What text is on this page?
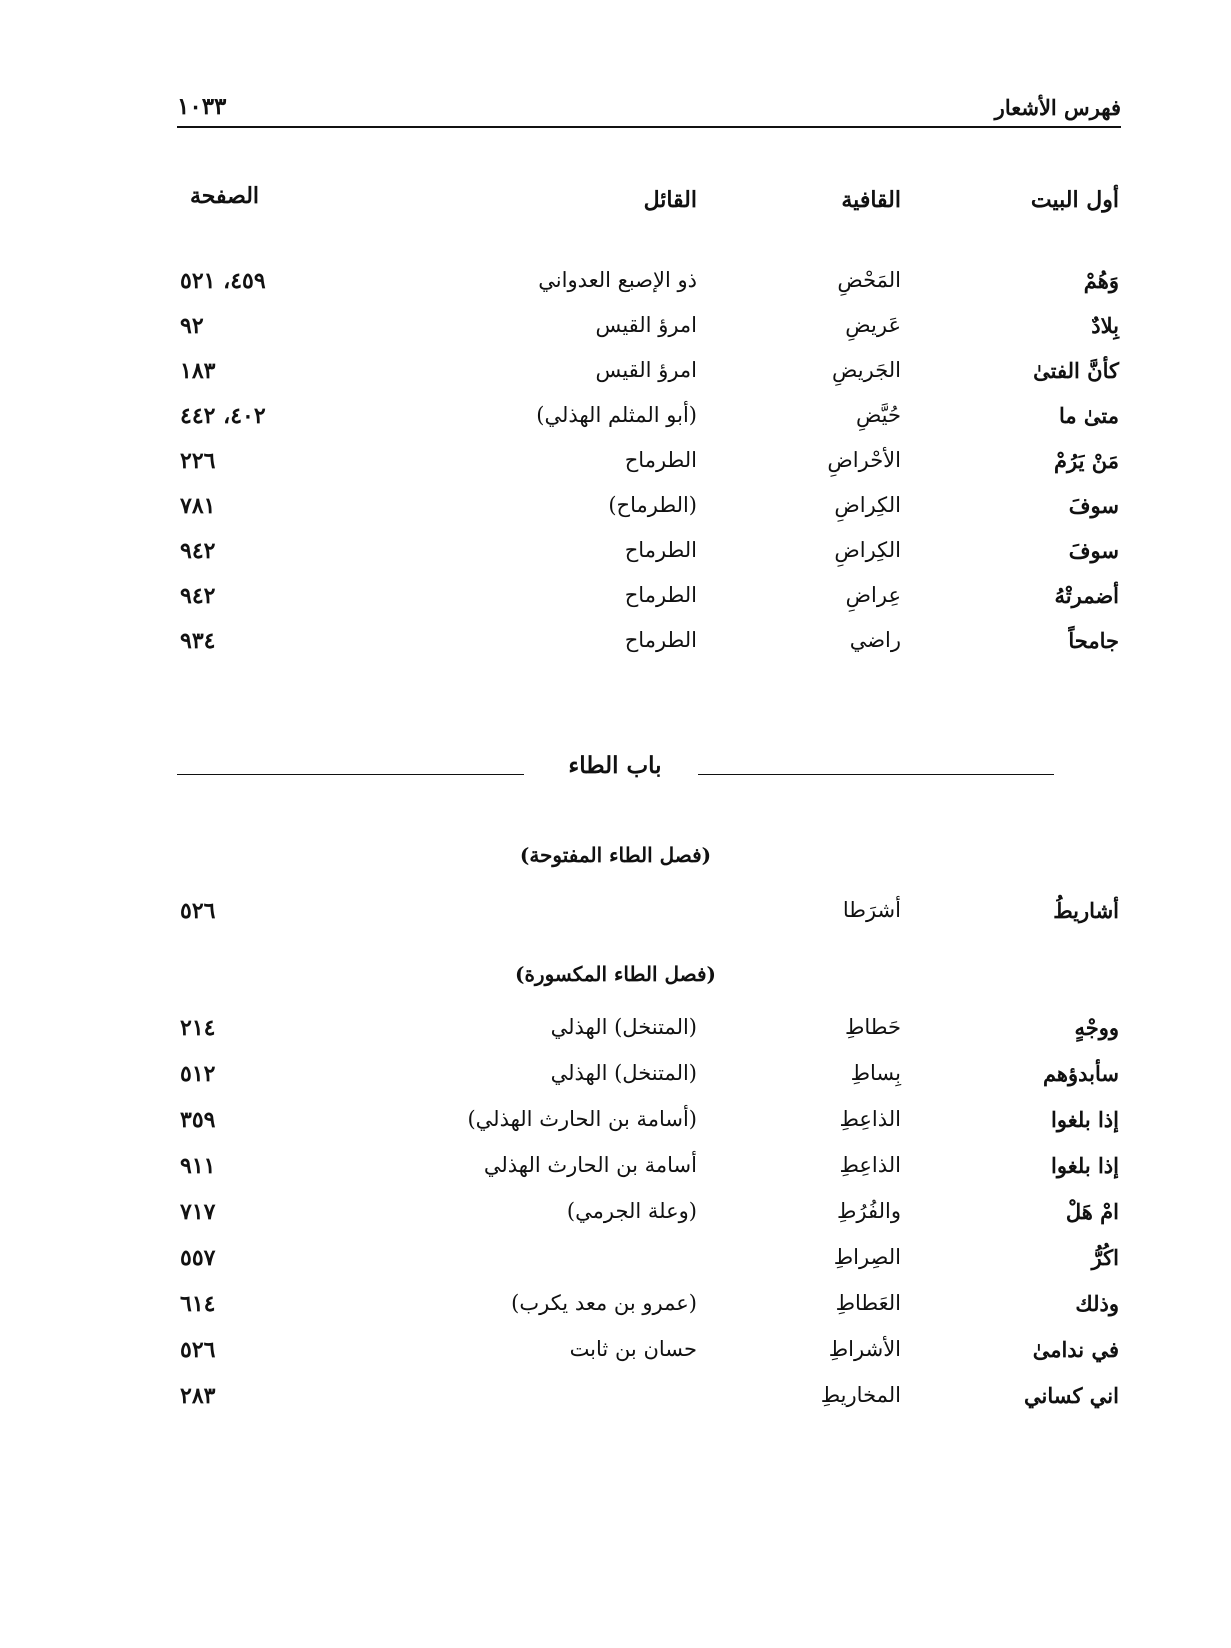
فهرس الأشعار
١٠٣٣
أول البيت
القافية
القائل
الصفحة
وَهُمْ
المَحْضِ
ذو الإصبع العدواني
٤٥٩، ٥٢١
بِلادٌ
عَريضِ
امرؤ القيس
٩٢
كأنَّ الفتىٰ
الجَريضِ
امرؤ القيس
١٨٣
متىٰ ما
حُيَّضِ
(أبو المثلم الهذلي)
٤٠٢، ٤٤٢
مَنْ يَرُمْ
الأحْراضِ
الطرماح
٢٢٦
سوفَ
الكِراضِ
(الطرماح)
٧٨١
سوفَ
الكِراضِ
الطرماح
٩٤٢
أضمرتْهُ
عِراضِ
الطرماح
٩٤٢
جامحاً
راضي
الطرماح
٩٣٤
باب الطاء
(فصل الطاء المفتوحة)
أشاريطُ
أشرَطا
٥٢٦
(فصل الطاء المكسورة)
ووجْهٍ
حَطاطِ
(المتنخل) الهذلي
٢١٤
سأبدؤهم
بِساطِ
(المتنخل) الهذلي
٥١٢
إذا بلغوا
الذاعِطِ
(أسامة بن الحارث الهذلي)
٣٥٩
إذا بلغوا
الذاعِطِ
أسامة بن الحارث الهذلي
٩١١
امْ هَلْ
والفُرُطِ
(وعلة الجرمي)
٧١٧
اكُرُّ
الصِراطِ
٥٥٧
وذلك
العَطاطِ
(عمرو بن معد يكرب)
٦١٤
في ندامىٰ
الأشراطِ
حسان بن ثابت
٥٢٦
اني كساني
المخاريطِ
٢٨٣
